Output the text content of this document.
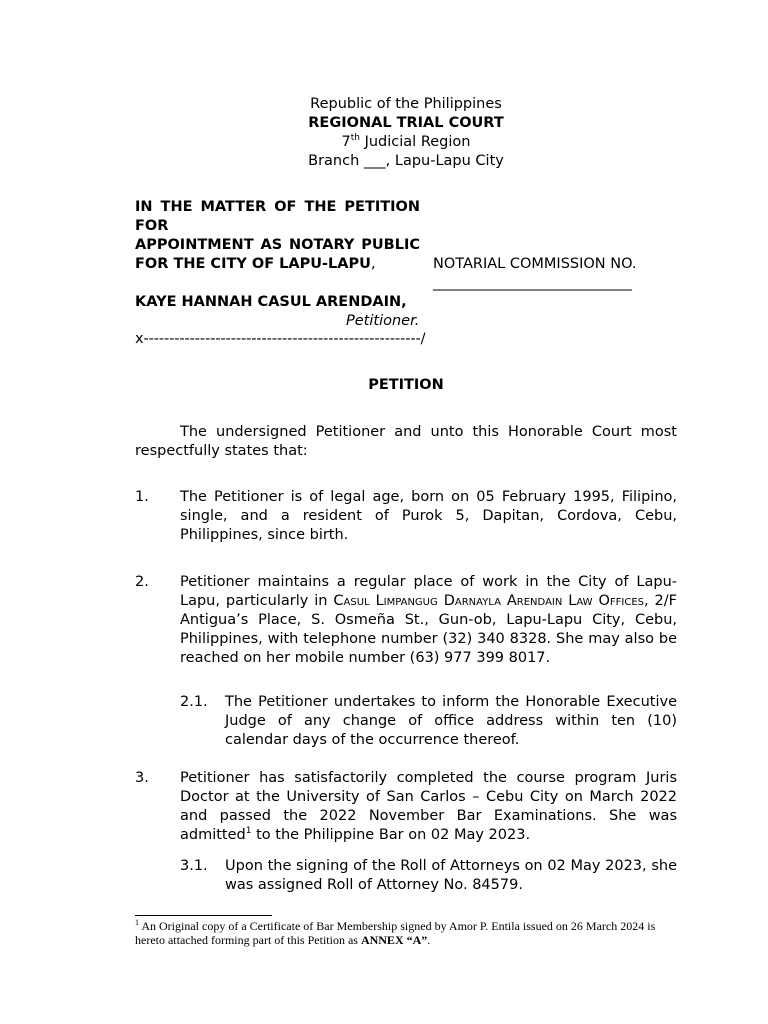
Republic of the Philippines
REGIONAL TRIAL COURT
7th Judicial Region
Branch ___, Lapu-Lapu City
IN THE MATTER OF THE PETITION FOR
APPOINTMENT AS NOTARY PUBLIC
FOR THE CITY OF LAPU-LAPU,	NOTARIAL COMMISSION NO.
_____________________________
KAYE HANNAH CASUL ARENDAIN,
Petitioner.
x------------------------------------------------------/
PETITION
The undersigned Petitioner and unto this Honorable Court most respectfully states that:
1.	The Petitioner is of legal age, born on 05 February 1995, Filipino, single, and a resident of Purok 5, Dapitan, Cordova, Cebu, Philippines, since birth.
2.	Petitioner maintains a regular place of work in the City of Lapu-Lapu, particularly in Casul Limpangug Darnayla Arendain Law Offices, 2/F Antigua’s Place, S. Osmeña St., Gun-ob, Lapu-Lapu City, Cebu, Philippines, with telephone number (32) 340 8328. She may also be reached on her mobile number (63) 977 399 8017.
2.1.	The Petitioner undertakes to inform the Honorable Executive Judge of any change of office address within ten (10) calendar days of the occurrence thereof.
3.	Petitioner has satisfactorily completed the course program Juris Doctor at the University of San Carlos – Cebu City on March 2022 and passed the 2022 November Bar Examinations. She was admitted$^1$ to the Philippine Bar on 02 May 2023.
3.1.	Upon the signing of the Roll of Attorneys on 02 May 2023, she was assigned Roll of Attorney No. 84579.
$^1$ An Original copy of a Certificate of Bar Membership signed by Amor P. Entila issued on 26 March 2024 is hereto attached forming part of this Petition as ANNEX “A”.
